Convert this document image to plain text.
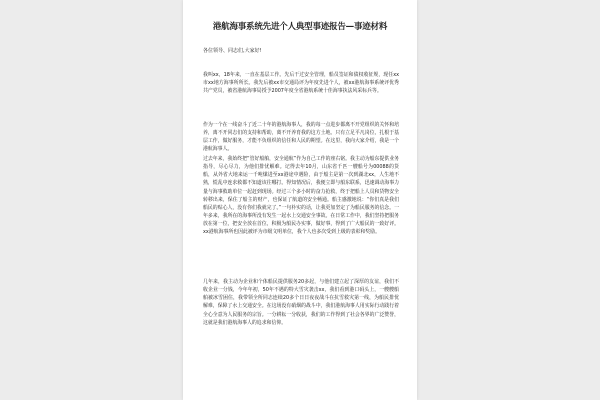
港航海事系统先进个人典型事迹报告—事迹材料
各位领导、同志们,大家好!
我叫xx，18年来，一直在基层工作。先后干过安全管理，船员签证和债权收征规，现任xx市xx地方海事所所长。我先后被xx市交通局评为年度先进个人，被xx港航海事系统评优秀共产党员，被省港航海事局授予2007年度全省港航系统十佳海事执法风采标兵等。
作为一个在一线奋斗了近二十年的港航海事人，我的每一点进步都离不开党组织的关怀和培养，离不开同志们的支持和帮助，离不开养育我的这方土地。只有立足平凡岗位，扎根于基层工作，做好服务，才能不负组织的信任和人民的期望。在这里，我向大家介绍，我是一个港航海事人。
过去年来，我始终把“管好船舶，安全通航”作为自己工作的座右铭。我主动为船东提供业务指导，尽心尽力，为他们排忧解难。记得去年10月，山东省千匹一艘船号为00088的货船，从外省大地来运一千吨煤进至xx港途中遇险，由于船主是第一次到湖北xx，人生地不熟，慌乱中连求救都不知道该往哪打。得知情况后，我便立即与船东联系，迅速调动海事力量与海事救助单位一起赶到现场。经过三个多小时的奋力抢救，终于把船上人员和货物安全转移出来，保住了船主的财产，也保证了航道的安全畅通。船主感激地说：“你们真是我们船民的贴心人，没有你们我就完了。”一句朴实的话，让我更加坚定了为船民服务的信念。一年多来，我所在的海事所没有发生一起水上交通安全事故。在日常工作中，我们坚持把服务放在第一位，把安全放在首位，积极为船民办实事，做好事，得到了广大船民的一致好评。xx港航海事所也因此被评为市级文明单位，我个人也多次受到上级的表彰和奖励。
几年来，我主动为企业和个体船民提供服务20多起，与他们建立起了深厚的友谊，我们不收企业一分钱，今年年初，50年不遇的特大雪灾袭击xx，我们看到港口码头上，一艘艘船舶被冰雪困住，我带领全所同志连续20多个日日夜夜战斗在抗雪救灾第一线，为船民排忧解难，保障了水上交通安全。在这场没有硝烟的战斗中，我们港航海事人用实际行动践行着全心全意为人民服务的宗旨。一分耕耘一分收获，我们的工作得到了社会各界的广泛赞誉，这就是我们港航海事人的追求和信仰。
